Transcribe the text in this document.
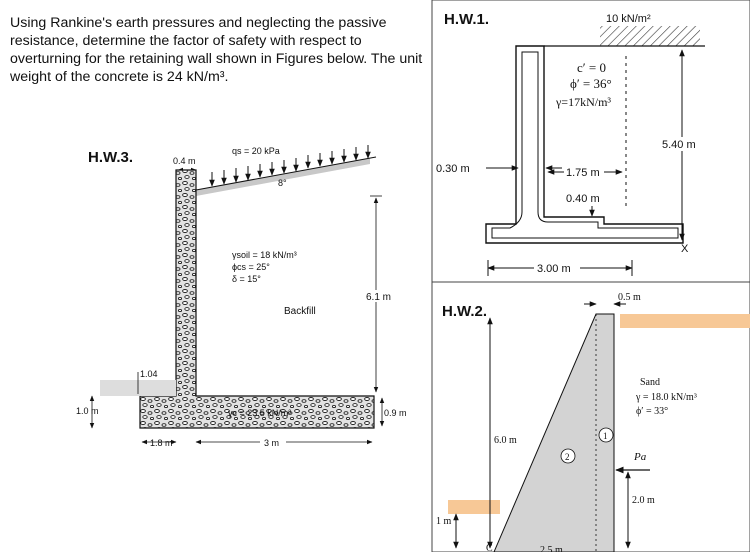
Using Rankine's earth pressures and neglecting the passive resistance, determine the factor of safety with respect to overturning for the retaining wall shown in Figures below. The unit weight of the concrete is 24 kN/m³.
H.W.1.	10 kN/m²
c′ = 0
ϕ′ = 36°
γ=17kN/m³
5.40 m
0.30 m	1.75 m
0.40 m
X
3.00 m
H.W.2.
0.5 m
6.0 m
1 m
C	2.5 m
1
2
Sand
γ = 18.0 kN/m³
ϕ′ = 33°
Pa
2.0 m
H.W.3.	qs = 20 kPa
0.4 m
8°
γc = 23.5 kN/m³
γsoil = 18 kN/m³
ϕcs = 25°
δ = 15°
Backfill
6.1 m
0.9 m
1.04
1.0 m
1.8 m	3 m
